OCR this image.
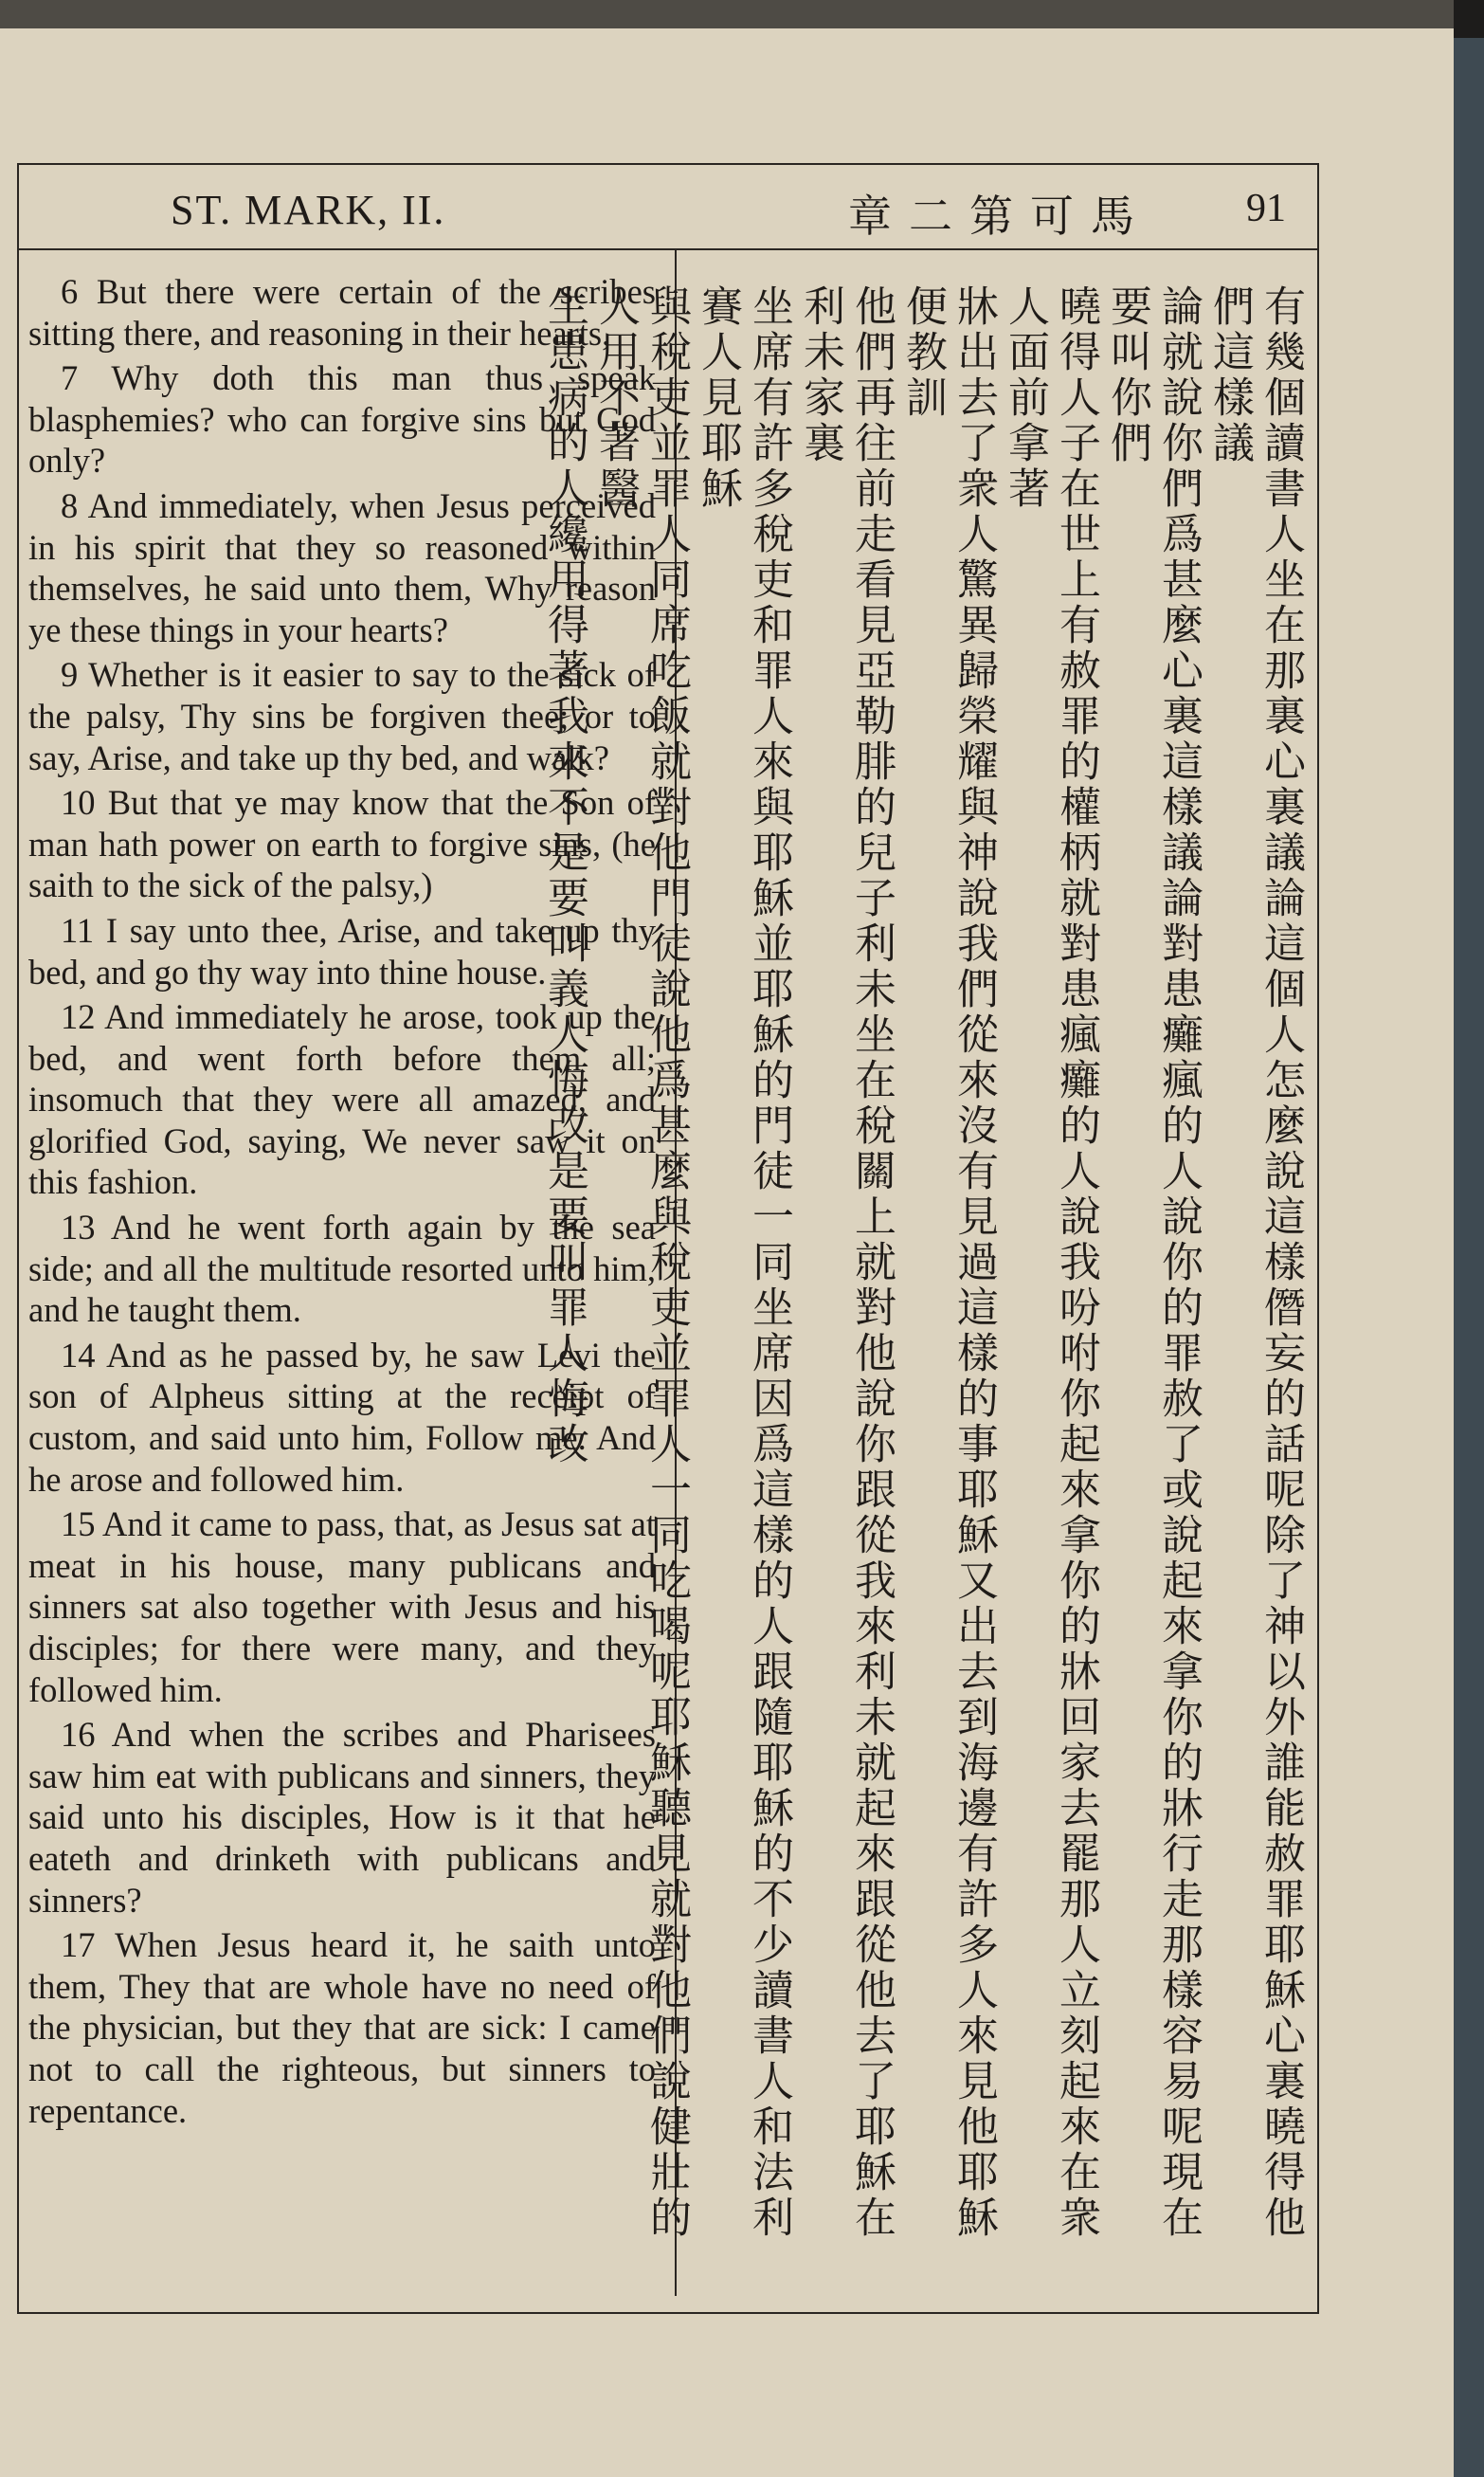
ST. MARK, II.	章二第可馬 91

6 But there were certain of the scribes sitting there, and reasoning in their hearts,

7 Why doth this man thus speak blasphemies? who can forgive sins but God only?

8 And immediately, when Jesus perceived in his spirit that they so reasoned within themselves, he said unto them, Why reason ye these things in your hearts?

9 Whether is it easier to say to the sick of the palsy, Thy sins be forgiven thee; or to say, Arise, and take up thy bed, and walk?

10 But that ye may know that the Son of man hath power on earth to forgive sins, (he saith to the sick of the palsy,)

11 I say unto thee, Arise, and take up thy bed, and go thy way into thine house.

12 And immediately he arose, took up the bed, and went forth before them all; insomuch that they were all amazed, and glorified God, saying, We never saw it on this fashion.

13 And he went forth again by the sea side; and all the multitude resorted unto him, and he taught them.

14 And as he passed by, he saw Levi the son of Alpheus sitting at the receipt of custom, and said unto him, Follow me. And he arose and followed him.

15 And it came to pass, that, as Jesus sat at meat in his house, many publicans and sinners sat also together with Jesus and his disciples; for there were many, and they followed him.

16 And when the scribes and Pharisees saw him eat with publicans and sinners, they said unto his disciples, How is it that he eateth and drinketh with publicans and sinners?

17 When Jesus heard it, he saith unto them, They that are whole have no need of the physician, but they that are sick: I came not to call the righteous, but sinners to repentance.	有幾個讀書人坐在那裏心裏議論這個人怎麼說這樣僭妄的話呢除了神以外誰能赦罪耶穌心裏曉得他們這樣議
論就說你們爲甚麼心裏這樣議論對患癱瘋的人說你的罪赦了或說起來拿你的牀行走那樣容易呢現在要叫你們
曉得人子在世上有赦罪的權柄就對患瘋癱的人說我吩咐你起來拿你的牀回家去罷那人立刻起來在衆人面前拿著
牀出去了衆人驚異歸榮耀與神說我們從來沒有見過這樣的事耶穌又出去到海邊有許多人來見他耶穌便教訓
他們再往前走看見亞勒腓的兒子利未坐在稅關上就對他說你跟從我來利未就起來跟從他去了耶穌在利未家裏
坐席有許多稅吏和罪人來與耶穌並耶穌的門徒一同坐席因爲這樣的人跟隨耶穌的不少讀書人和法利賽人見耶穌
與稅吏並罪人同席吃飯就對他門徒說他爲甚麼與稅吏並罪人一同吃喝呢耶穌聽見就對他們說健壯的人用不著醫
生患病的人纔用得著我來不是要叫義人悔改是要叫罪人悔改
